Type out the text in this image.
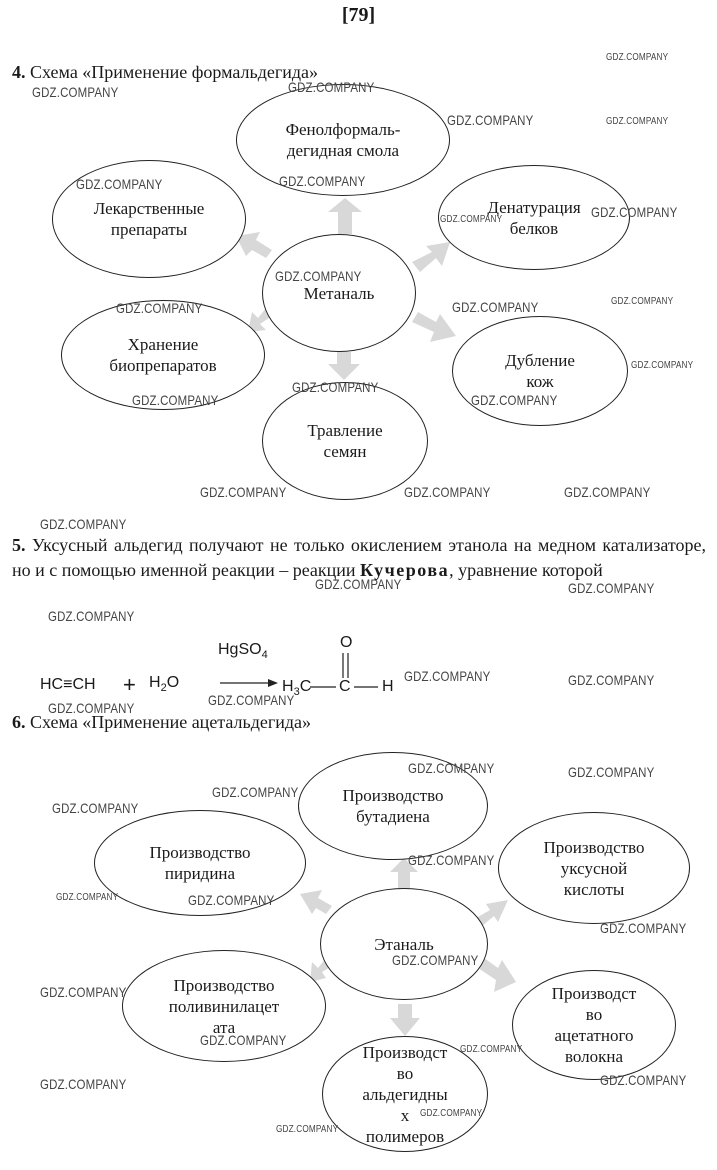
[79]
4. Схема «Применение формальдегида»
Фенолформаль-
дегидная смола
Денатурация
белков
Дубление
кож
Травление
семян
Хранение
биопрепаратов
Лекарственные
препараты
Метаналь
5. Уксусный альдегид получают не только окислением этанола на медном катализаторе, но и с помощью именной реакции – реакции Кучерова, уравнение которой
$HC\equiv CH + H_2O$
HgSO$_4$
$H_3C$ C
O
H
6. Схема «Применение ацетальдегида»
Производство
бутадиена
Производство
уксусной
кислоты
Производст
во
ацетатного
волокна
Производст
во
альдегидны
х
полимеров
Производство
поливинилацет
ата
Производство
пиридина
Этаналь
GDZ.COMPANY
GDZ.COMPANY	GDZ.COMPANY
GDZ.COMPANY	GDZ.COMPANY
GDZ.COMPANY
GDZ.COMPANY
GDZ.COMPANY	GDZ.COMPANY
GDZ.COMPANY
GDZ.COMPANY
GDZ.COMPANY	GDZ.COMPANY
GDZ.COMPANY
GDZ.COMPANY
GDZ.COMPANY	GDZ.COMPANY
GDZ.COMPANY	GDZ.COMPANY	GDZ.COMPANY
GDZ.COMPANY
GDZ.COMPANY	GDZ.COMPANY
GDZ.COMPANY
GDZ.COMPANY	GDZ.COMPANY
GDZ.COMPANY
GDZ.COMPANY
GDZ.COMPANY	GDZ.COMPANY
GDZ.COMPANY
GDZ.COMPANY
GDZ.COMPANY
GDZ.COMPANY	GDZ.COMPANY
GDZ.COMPANY
GDZ.COMPANY
GDZ.COMPANY
GDZ.COMPANY
GDZ.COMPANY
GDZ.COMPANY
GDZ.COMPANY
GDZ.COMPANY
GDZ.COMPANY
